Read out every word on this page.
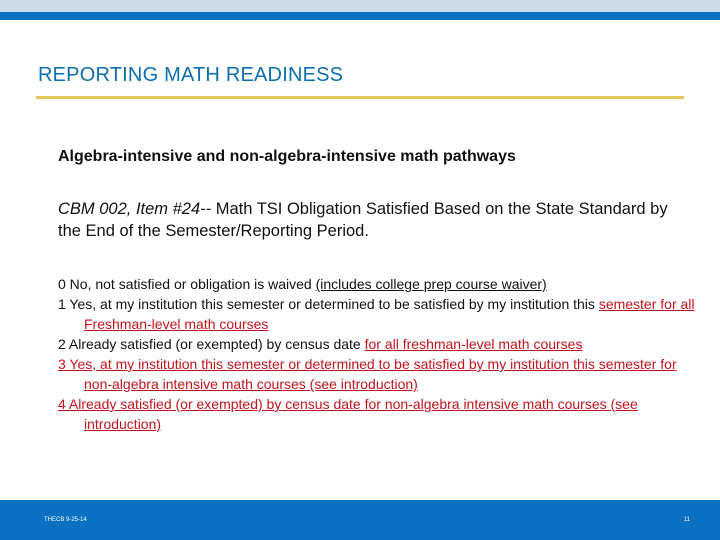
REPORTING MATH READINESS
Algebra-intensive and non-algebra-intensive math pathways
CBM 002, Item #24-- Math TSI Obligation Satisfied Based on the State Standard by the End of the Semester/Reporting Period.
0 No, not satisfied or obligation is waived (includes college prep course waiver)
1 Yes, at my institution this semester or determined to be satisfied by my institution this semester for all Freshman-level math courses
2 Already satisfied (or exempted) by census date for all freshman-level math courses
3 Yes, at my institution this semester or determined to be satisfied by my institution this semester for non-algebra intensive math courses (see introduction)
4 Already satisfied (or exempted) by census date for non-algebra intensive math courses (see introduction)
THECB 9-25-14	11
